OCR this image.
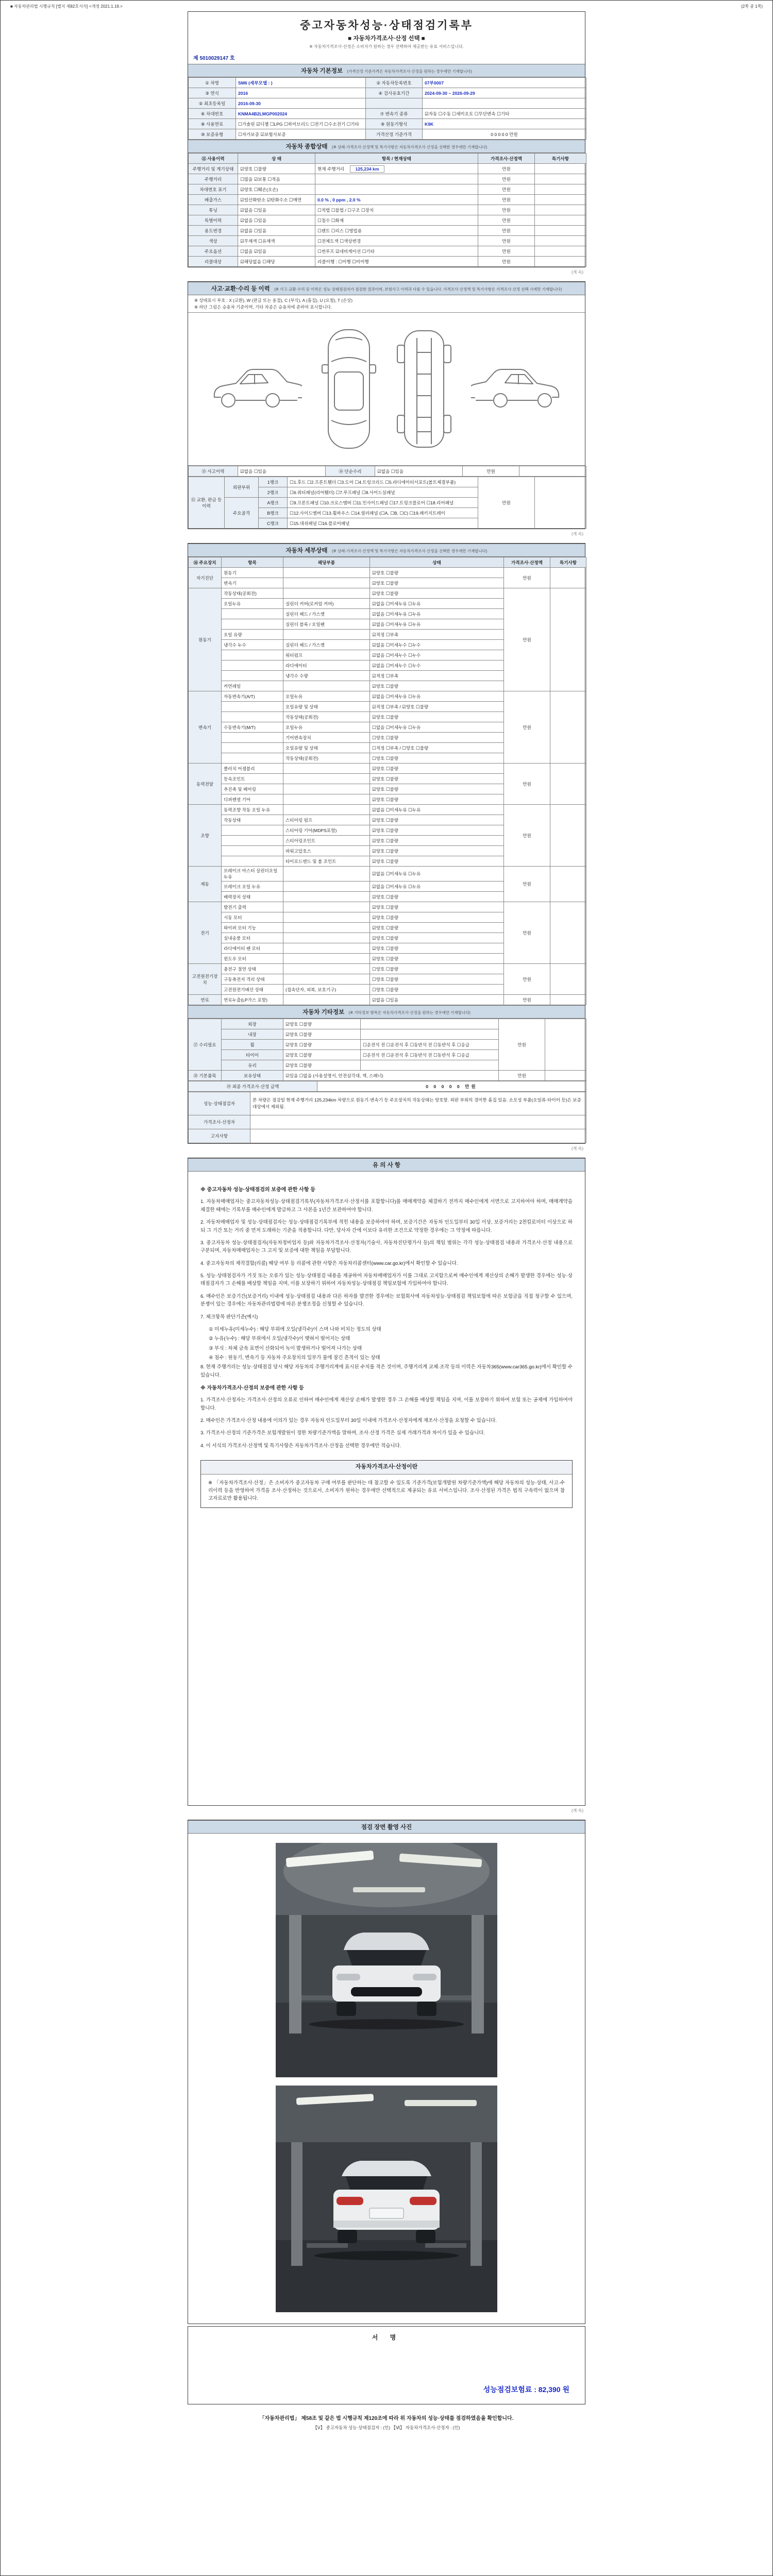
■ 자동차관리법 시행규칙 [별지 제82호서식] <개정 2021.1.19.>	(2쪽 중 1쪽)
중고자동차성능·상태점검기록부
■ 자동차가격조사·산정 선택 ■
※ 자동차가격조사·산정은 소비자가 원하는 경우 선택하여 제공받는 유료 서비스입니다.
제 5010029147 호
자동차 기본정보 (가격산정 기준가격은 자동차가격조사·산정을 원하는 경우에만 기재합니다)
① 차명	SM6 (세부모델 : )	② 자동차등록번호	07부0007
③ 연식	2016	④ 검사유효기간	2024-09-30 ~ 2026-09-29
⑤ 최초등록일	2016-09-30		
⑥ 차대번호	KNMA4B2LMGP002024	⑦ 변속기 종류	☑자동 ☐수동 ☐세미오토 ☐무단변속 ☐기타
⑧ 사용연료	☐가솔린 ☑디젤 ☐LPG ☐하이브리드 ☐전기 ☐수소전기 ☐기타	⑨ 원동기형식	K9K
⑩ 보증유형	☐자가보증 ☑보험사보증	가격산정 기준가격	0 0 0 0 0 만원
자동차 종합상태 (※ 상태·가격조사·산정액 및 특기사항은 자동차가격조사·산정을 선택한 경우에만 기재합니다)
⑪ 사용이력	상 태	항목 / 현재상태	가격조사·산정액	특기사항
주행거리 및 계기상태	☑양호 ☐불량	현재 주행거리 125,234 km	만원	
주행거리	☐많음 ☑보통 ☐적음		만원	
차대번호 표기	☑양호 ☐훼손(오손)		만원	
배출가스	☑일산화탄소 ☑탄화수소 ☐매연	0.0 % , 0 ppm , 2.0 %	만원	
튜닝	☑없음 ☐있음	☐적법 ☐불법 / ☐구조 ☐장치	만원	
특별이력	☑없음 ☐있음	☐침수 ☐화재	만원	
용도변경	☑없음 ☐있음	☐렌트 ☐리스 ☐영업용	만원	
색상	☑무채색 ☐유채색	☐전체도색 ☐색상변경	만원	
주요옵션	☐없음 ☑있음	☐썬루프 ☑네비게이션 ☐기타	만원	
리콜대상	☑해당없음 ☐해당	리콜이행 : ☐이행 ☐미이행	만원	
(계 속)
사고·교환·수리 등 이력 (※ 사고·교환·수리 등 이력은 성능·상태점검자가 점검한 결과이며, 보험사고 이력과 다를 수 있습니다. 가격조사·산정액 및 특기사항은 가격조사·산정 선택 시에만 기재합니다)
※ 상태표시 부호 : X (교환), W (판금 또는 용접), C (부식), A (흠집), U (요철), T (손상)
※ 하단 그림은 승용차 기준이며, 기타 차종은 승용차에 준하여 표시합니다.
⑬ 사고이력	☑없음 ☐있음	⑭ 단순수리	☑없음 ☐있음	만원	
⑮ 교환, 판금 등 이력	외판부위	1랭크	☐1.후드 ☐2.프론트휀더 ☐3.도어 ☐4.트렁크리드 ☐5.라디에이터서포트(볼트체결부품)	만원	
		2랭크	☐6.쿼터패널(리어휀더) ☐7.루프패널 ☐8.사이드실패널		
	주요골격	A랭크	☐9.프론트패널 ☐10.크로스멤버 ☐11.인사이드패널 ☐17.트렁크플로어 ☐18.리어패널		
		B랭크	☐12.사이드멤버 ☐13.휠하우스 ☐14.필러패널 (☐A, ☐B, ☐C) ☐19.패키지트레이		
		C랭크	☐15.대쉬패널 ☐16.플로어패널		
(계 속)
자동차 세부상태 (※ 상태·가격조사·산정액 및 특기사항은 자동차가격조사·산정을 선택한 경우에만 기재합니다)
⑯ 주요장치	항목	해당부품	상태	가격조사·산정액	특기사항
자기진단	원동기		☑양호 ☐불량	만원	
	변속기		☑양호 ☐불량		
원동기	작동상태(공회전)		☑양호 ☐불량	만원	
	오일누유	실린더 커버(로커암 커버)	☑없음 ☐미세누유 ☐누유		
		실린더 헤드 / 가스켓	☑없음 ☐미세누유 ☐누유		
		실린더 블록 / 오일팬	☑없음 ☐미세누유 ☐누유		
	오일 유량		☑적정 ☐부족		
	냉각수 누수	실린더 헤드 / 가스켓	☑없음 ☐미세누수 ☐누수		
		워터펌프	☑없음 ☐미세누수 ☐누수		
		라디에이터	☑없음 ☐미세누수 ☐누수		
		냉각수 수량	☑적정 ☐부족		
	커먼레일		☑양호 ☐불량		
변속기	자동변속기(A/T)	오일누유	☑없음 ☐미세누유 ☐누유	만원	
		오일유량 및 상태	☑적정 ☐부족 / ☑양호 ☐불량		
		작동상태(공회전)	☑양호 ☐불량		
	수동변속기(M/T)	오일누유	☐없음 ☐미세누유 ☐누유		
		기어변속장치	☐양호 ☐불량		
		오일유량 및 상태	☐적정 ☐부족 / ☐양호 ☐불량		
		작동상태(공회전)	☐양호 ☐불량		
동력전달	클러치 어셈블리		☑양호 ☐불량	만원	
	등속조인트		☑양호 ☐불량		
	추진축 및 베어링		☑양호 ☐불량		
	디퍼렌셜 기어		☑양호 ☐불량		
조향	동력조향 작동 오일 누유		☑없음 ☐미세누유 ☐누유	만원	
	작동상태	스티어링 펌프	☑양호 ☐불량		
		스티어링 기어(MDPS포함)	☑양호 ☐불량		
		스티어링조인트	☑양호 ☐불량		
		파워고압호스	☑양호 ☐불량		
		타이로드엔드 및 볼 조인트	☑양호 ☐불량		
제동	브레이크 마스터 실린더오일 누유		☑없음 ☐미세누유 ☐누유	만원	
	브레이크 오일 누유		☑없음 ☐미세누유 ☐누유		
	배력장치 상태		☑양호 ☐불량		
전기	발전기 출력		☑양호 ☐불량	만원	
	시동 모터		☑양호 ☐불량		
	와이퍼 모터 기능		☑양호 ☐불량		
	실내송풍 모터		☑양호 ☐불량		
	라디에이터 팬 모터		☑양호 ☐불량		
	윈도우 모터		☑양호 ☐불량		
고전원전기장치	충전구 절연 상태		☐양호 ☐불량	만원	
	구동축전지 격리 상태		☐양호 ☐불량		
	고전원전기배선 상태	(접속단자, 피복, 보호기구)	☐양호 ☐불량		
연료	연료누출(LP가스 포함)		☑없음 ☐있음	만원	
자동차 기타정보 (※ 기타정보 항목은 자동차가격조사·산정을 원하는 경우에만 기재합니다)
⑰ 수리필요	외장	☑양호 ☐불량		만원	
	내장	☑양호 ☐불량			
	휠	☑양호 ☐불량	☐운전석 전 ☐운전석 후 ☐동반석 전 ☐동반석 후 ☐응급		
	타이어	☑양호 ☐불량	☐운전석 전 ☐운전석 후 ☐동반석 전 ☐동반석 후 ☐응급		
	유리	☑양호 ☐불량			
⑱ 기본품목	보유상태	☑있음 ☐없음 (사용설명서, 안전삼각대, 잭, 스패너)		만원	
⑲ 최종 가격조사·산정 금액	0 0 0 0 0 만원
성능·상태점검자	본 차량은 점검일 현재 주행거리 125,234km 차량으로 원동기·변속기 등 주요장치의 작동상태는 양호함. 외판 부위의 경미한 흠집 있음. 소모성 부품(오일류·타이어 등)은 보증 대상에서 제외됨.
가격조사·산정자	
고지사항	
(계 속)
유 의 사 항
※ 중고자동차 성능·상태점검의 보증에 관한 사항 등
1. 자동차매매업자는 중고자동차성능·상태점검기록부(자동차가격조사·산정서를 포함합니다)를 매매계약을 체결하기 전까지 매수인에게 서면으로 고지하여야 하며, 매매계약을 체결한 때에는 기록부를 매수인에게 발급하고 그 사본을 1년간 보관하여야 합니다.
2. 자동차매매업자 및 성능·상태점검자는 성능·상태점검기록부에 적힌 내용을 보증하여야 하며, 보증기간은 자동차 인도일부터 30일 이상, 보증거리는 2천킬로미터 이상으로 하되 그 기간 또는 거리 중 먼저 도래하는 기준을 적용합니다. 다만, 당사자 간에 이보다 유리한 조건으로 약정한 경우에는 그 약정에 따릅니다.
3. 중고자동차 성능·상태점검자(자동차정비업자 등)와 자동차가격조사·산정자(기술사, 자동차진단평가사 등)의 책임 범위는 각각 성능·상태점검 내용과 가격조사·산정 내용으로 구분되며, 자동차매매업자는 그 고지 및 보증에 대한 책임을 부담합니다.
4. 중고자동차의 제작결함(리콜) 해당 여부 등 리콜에 관한 사항은 자동차리콜센터(www.car.go.kr)에서 확인할 수 있습니다.
5. 성능·상태점검자가 거짓 또는 오류가 있는 성능·상태점검 내용을 제공하여 자동차매매업자가 이를 그대로 고지함으로써 매수인에게 재산상의 손해가 발생한 경우에는 성능·상태점검자가 그 손해를 배상할 책임을 지며, 이를 보장하기 위하여 자동차성능·상태점검 책임보험에 가입하여야 합니다.
6. 매수인은 보증기간(보증거리) 이내에 성능·상태점검 내용과 다른 하자를 발견한 경우에는 보험회사에 자동차성능·상태점검 책임보험에 따른 보험금을 직접 청구할 수 있으며, 분쟁이 있는 경우에는 자동차관리법령에 따른 분쟁조정을 신청할 수 있습니다.
7. 체크항목 판단기준(예시)
① 미세누유(미세누수) : 해당 부위에 오일(냉각수)이 스며 나와 비치는 정도의 상태
② 누유(누수) : 해당 부위에서 오일(냉각수)이 맺혀서 떨어지는 상태
③ 부식 : 차체 금속 표면이 산화되어 녹이 발생하거나 떨어져 나가는 상태
④ 침수 : 원동기, 변속기 등 자동차 주요장치의 일부가 물에 잠긴 흔적이 있는 상태
8. 현재 주행거리는 성능·상태점검 당시 해당 자동차의 주행거리계에 표시된 수치를 적은 것이며, 주행거리계 교체·조작 등의 이력은 자동차365(www.car365.go.kr)에서 확인할 수 있습니다.
※ 자동차가격조사·산정의 보증에 관한 사항 등
1. 가격조사·산정자는 가격조사·산정의 오류로 인하여 매수인에게 재산상 손해가 발생한 경우 그 손해를 배상할 책임을 지며, 이를 보장하기 위하여 보험 또는 공제에 가입하여야 합니다.
2. 매수인은 가격조사·산정 내용에 이의가 있는 경우 자동차 인도일부터 30일 이내에 가격조사·산정자에게 재조사·산정을 요청할 수 있습니다.
3. 가격조사·산정의 기준가격은 보험개발원이 정한 차량기준가액을 말하며, 조사·산정 가격은 실제 거래가격과 차이가 있을 수 있습니다.
4. 이 서식의 가격조사·산정액 및 특기사항은 자동차가격조사·산정을 선택한 경우에만 적습니다.
자동차가격조사·산정이란
※ 「자동차가격조사·산정」은 소비자가 중고자동차 구매 여부를 판단하는 데 참고할 수 있도록 기준가격(보험개발원 차량기준가액)에 해당 자동차의 성능·상태, 사고·수리이력 등을 반영하여 가격을 조사·산정하는 것으로서, 소비자가 원하는 경우에만 선택적으로 제공되는 유료 서비스입니다. 조사·산정된 가격은 법적 구속력이 없으며 참고자료로만 활용됩니다.
(계 속)
점검 장면 촬영 사진
서 명
성능점검보험료 : 82,390 원
「자동차관리법」 제58조 및 같은 법 시행규칙 제120조에 따라 위 자동차의 성능·상태를 점검하였음을 확인합니다.
【Ⅴ】 중고자동차 성능·상태점검자 : (인) 【Ⅵ】 자동차가격조사·산정자 : (인)
